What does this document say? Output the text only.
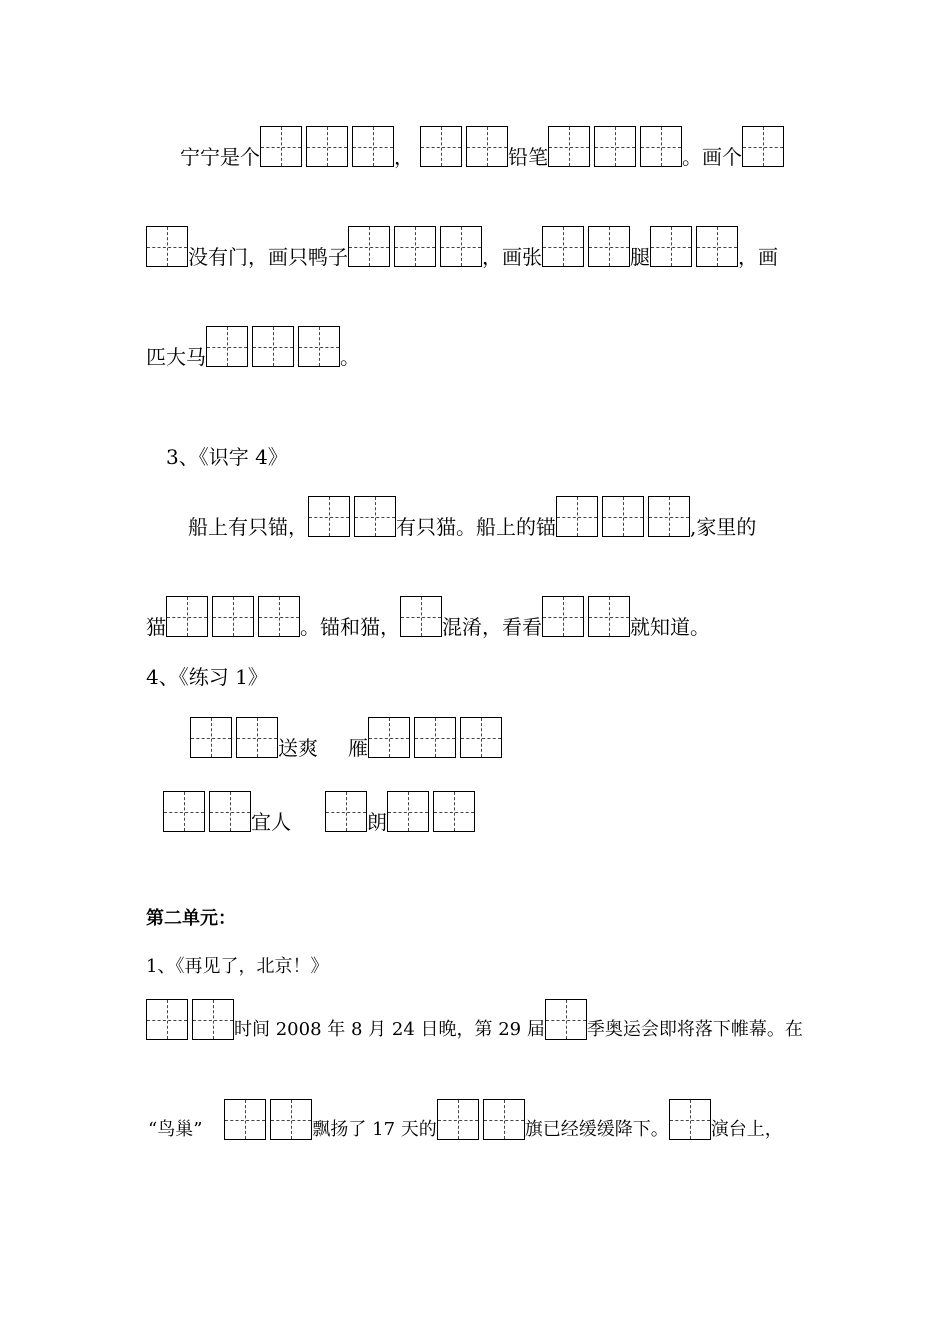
宁宁是个	，	铅笔	。画个
没有门，画只鸭子	，画张	腿	，画
匹大马	。
3、《识字 4》
船上有只锚，	有只猫。船上的锚	,家里的
猫	。锚和猫， 混淆，看看	就知道。
4、《练习 1》
送爽 雁
宜人	朗
第二单元：
1、《再见了，北京！》
时间 2008 年 8 月 24 日晚，第 29 届 季奥运会即将落下帷幕。在
“鸟巢”	飘扬了 17 天的	旗已经缓缓降下。 演台上，
